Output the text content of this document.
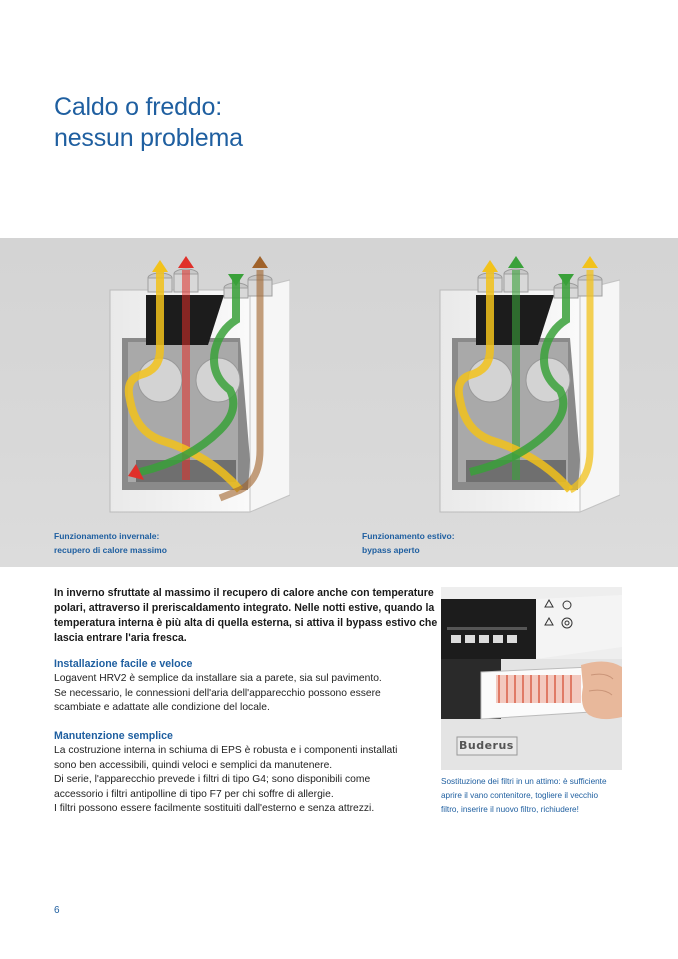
Caldo o freddo:
nessun problema
Funzionamento invernale:
recupero di calore massimo
Funzionamento estivo:
bypass aperto
In inverno sfruttate al massimo il recupero di calore anche con temperature
polari, attraverso il preriscaldamento integrato. Nelle notti estive, quando la
temperatura interna è più alta di quella esterna, si attiva il bypass estivo che
lascia entrare l'aria fresca.
Installazione facile e veloce
Logavent HRV2 è semplice da installare sia a parete, sia sul pavimento.
Se necessario, le connessioni dell'aria dell'apparecchio possono essere
scambiate e adattate alle condizione del locale.
Manutenzione semplice
La costruzione interna in schiuma di EPS è robusta e i componenti installati
sono ben accessibili, quindi veloci e semplici da manutenere.
Di serie, l'apparecchio prevede i filtri di tipo G4; sono disponibili come
accessorio i filtri antipolline di tipo F7 per chi soffre di allergie.
I filtri possono essere facilmente sostituiti dall'esterno e senza attrezzi.
Buderus
Sostituzione dei filtri in un attimo: è sufficiente
aprire il vano contenitore, togliere il vecchio
filtro, inserire il nuovo filtro, richiudere!
6
